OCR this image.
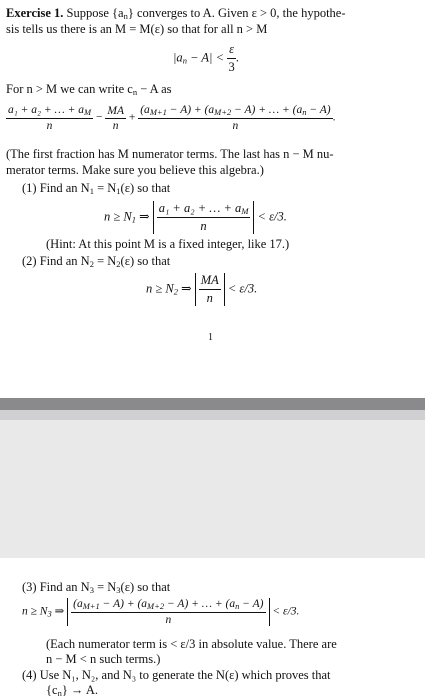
Exercise 1. Suppose $\{a_n\}$ converges to A. Given ε > 0, the hypothe-
sis tells us there is an M = M(ε) so that for all n > M
$|a_n - A| < \frac{\varepsilon}{3}$ .
For n > M we can write $c_n - A$ as
$\frac{a_1 + a_2 + \dots + a_M}{n} - \frac{MA}{n} + \frac{(a_{M+1} - A) + (a_{M+2} - A) + \dots + (a_n - A)}{n}$ .
(The first fraction has M numerator terms. The last has n − M nu-
merator terms. Make sure you believe this algebra.)
(1) Find an $N_1 = N_1(\varepsilon)$ so that
$n \ge N_1$ ⇒ $\frac{a_1 + a_2 + \dots + a_M}{n} < \varepsilon/3$.
(Hint: At this point M is a fixed integer, like 17.)
(2) Find an $N_2 = N_2(\varepsilon)$ so that
$n \ge N_2$ ⇒ $\frac{MA}{n} < \varepsilon/3$.
1
(3) Find an $N_3 = N_3(\varepsilon)$ so that
$n \ge N_3$ ⇒ $\frac{(a_{M+1} - A) + (a_{M+2} - A) + \dots + (a_n - A)}{n} < \varepsilon/3$.
(Each numerator term is < ε/3 in absolute value. There are
n − M < n such terms.)
(4) Use N₁, N₂, and N₃ to generate the N(ε) which proves that
$\{c_n\} \to A$.
